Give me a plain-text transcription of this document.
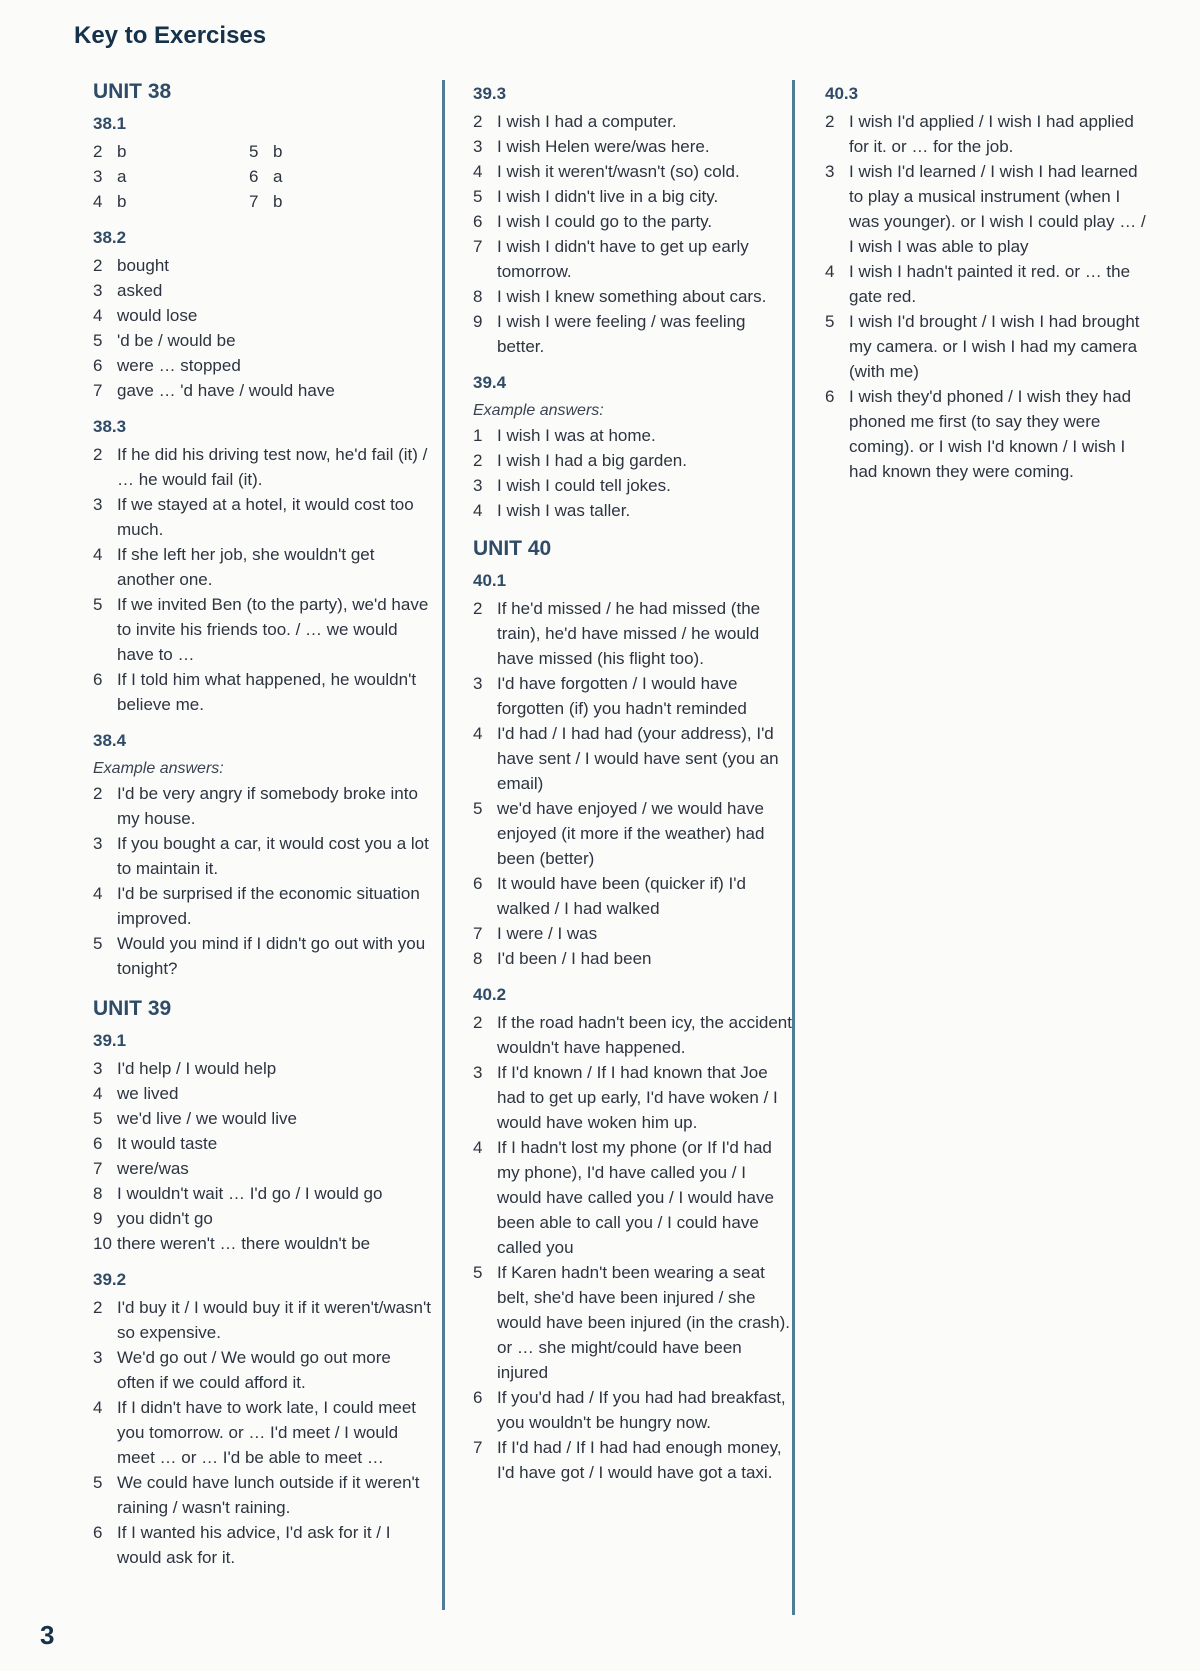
Key to Exercises
UNIT 38
38.1
2 b	5 b
3 a	6 a
4 b	7 b
38.2
2 bought
3 asked
4 would lose
5 'd be / would be
6 were … stopped
7 gave … 'd have / would have
38.3
2 If he did his driving test now, he'd fail (it) / … he would fail (it).
3 If we stayed at a hotel, it would cost too much.
4 If she left her job, she wouldn't get another one.
5 If we invited Ben (to the party), we'd have to invite his friends too. / … we would have to …
6 If I told him what happened, he wouldn't believe me.
38.4
Example answers:
2 I'd be very angry if somebody broke into my house.
3 If you bought a car, it would cost you a lot to maintain it.
4 I'd be surprised if the economic situation improved.
5 Would you mind if I didn't go out with you tonight?
UNIT 39
39.1
3 I'd help / I would help
4 we lived
5 we'd live / we would live
6 It would taste
7 were/was
8 I wouldn't wait … I'd go / I would go
9 you didn't go
10 there weren't … there wouldn't be
39.2
2 I'd buy it / I would buy it if it weren't/wasn't so expensive.
3 We'd go out / We would go out more often if we could afford it.
4 If I didn't have to work late, I could meet you tomorrow. or … I'd meet / I would meet … or … I'd be able to meet …
5 We could have lunch outside if it weren't raining / wasn't raining.
6 If I wanted his advice, I'd ask for it / I would ask for it.
39.3
2 I wish I had a computer.
3 I wish Helen were/was here.
4 I wish it weren't/wasn't (so) cold.
5 I wish I didn't live in a big city.
6 I wish I could go to the party.
7 I wish I didn't have to get up early tomorrow.
8 I wish I knew something about cars.
9 I wish I were feeling / was feeling better.
39.4
Example answers:
1 I wish I was at home.
2 I wish I had a big garden.
3 I wish I could tell jokes.
4 I wish I was taller.
UNIT 40
40.1
2 If he'd missed / he had missed (the train), he'd have missed / he would have missed (his flight too).
3 I'd have forgotten / I would have forgotten (if) you hadn't reminded
4 I'd had / I had had (your address), I'd have sent / I would have sent (you an email)
5 we'd have enjoyed / we would have enjoyed (it more if the weather) had been (better)
6 It would have been (quicker if) I'd walked / I had walked
7 I were / I was
8 I'd been / I had been
40.2
2 If the road hadn't been icy, the accident wouldn't have happened.
3 If I'd known / If I had known that Joe had to get up early, I'd have woken / I would have woken him up.
4 If I hadn't lost my phone (or If I'd had my phone), I'd have called you / I would have called you / I would have been able to call you / I could have called you
5 If Karen hadn't been wearing a seat belt, she'd have been injured / she would have been injured (in the crash). or … she might/could have been injured
6 If you'd had / If you had had breakfast, you wouldn't be hungry now.
7 If I'd had / If I had had enough money, I'd have got / I would have got a taxi.
40.3
2 I wish I'd applied / I wish I had applied for it. or … for the job.
3 I wish I'd learned / I wish I had learned to play a musical instrument (when I was younger). or I wish I could play … / I wish I was able to play
4 I wish I hadn't painted it red. or … the gate red.
5 I wish I'd brought / I wish I had brought my camera. or I wish I had my camera (with me)
6 I wish they'd phoned / I wish they had phoned me first (to say they were coming). or I wish I'd known / I wish I had known they were coming.
3
